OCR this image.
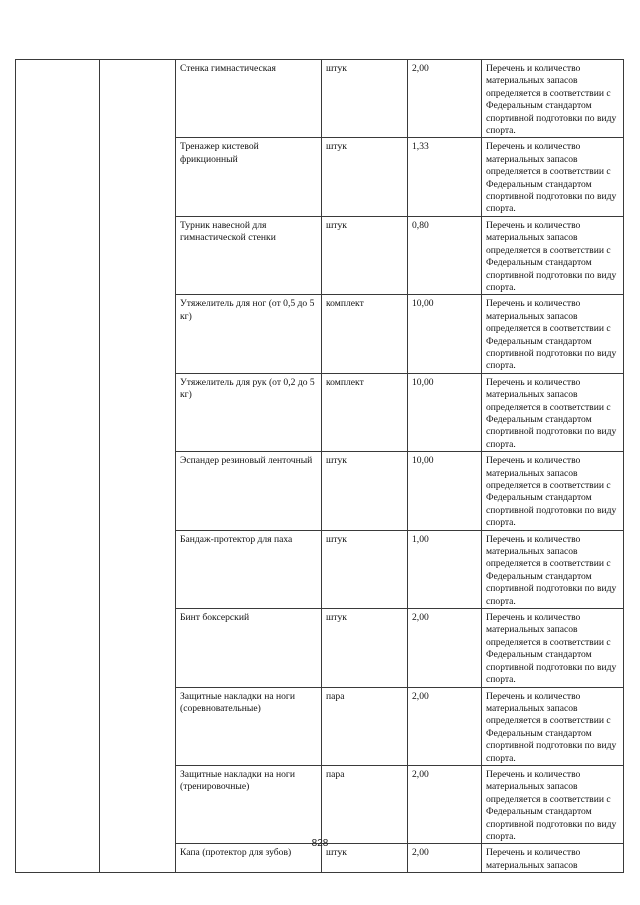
		Стенка гимнастическая	штук	2,00	Перечень и количество материальных запасов определяется в соответствии с Федеральным стандартом спортивной подготовки по виду спорта.
		Тренажер кистевой фрикционный	штук	1,33	Перечень и количество материальных запасов определяется в соответствии с Федеральным стандартом спортивной подготовки по виду спорта.
		Турник навесной для гимнастической стенки	штук	0,80	Перечень и количество материальных запасов определяется в соответствии с Федеральным стандартом спортивной подготовки по виду спорта.
		Утяжелитель для ног (от 0,5 до 5 кг)	комплект	10,00	Перечень и количество материальных запасов определяется в соответствии с Федеральным стандартом спортивной подготовки по виду спорта.
		Утяжелитель для рук (от 0,2 до 5 кг)	комплект	10,00	Перечень и количество материальных запасов определяется в соответствии с Федеральным стандартом спортивной подготовки по виду спорта.
		Эспандер резиновый ленточный	штук	10,00	Перечень и количество материальных запасов определяется в соответствии с Федеральным стандартом спортивной подготовки по виду спорта.
		Бандаж-протектор для паха	штук	1,00	Перечень и количество материальных запасов определяется в соответствии с Федеральным стандартом спортивной подготовки по виду спорта.
		Бинт боксерский	штук	2,00	Перечень и количество материальных запасов определяется в соответствии с Федеральным стандартом спортивной подготовки по виду спорта.
		Защитные накладки на ноги (соревновательные)	пара	2,00	Перечень и количество материальных запасов определяется в соответствии с Федеральным стандартом спортивной подготовки по виду спорта.
		Защитные накладки на ноги (тренировочные)	пара	2,00	Перечень и количество материальных запасов определяется в соответствии с Федеральным стандартом спортивной подготовки по виду спорта.
		Капа (протектор для зубов)	штук	2,00	Перечень и количество материальных запасов
828
